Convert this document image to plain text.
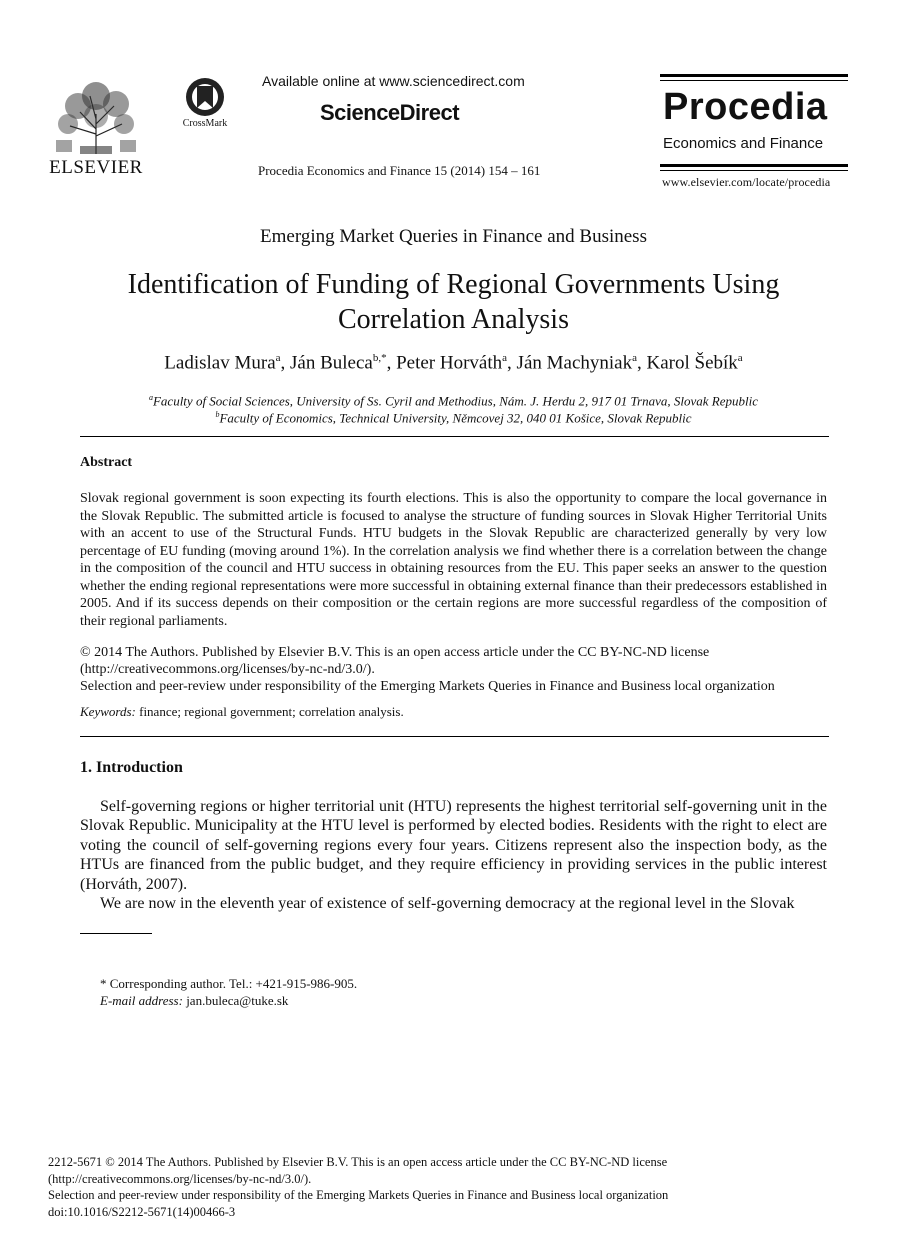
ELSEVIER
CrossMark
Available online at www.sciencedirect.com
ScienceDirect
Procedia Economics and Finance 15 (2014) 154 – 161
Procedia
Economics and Finance
www.elsevier.com/locate/procedia
Emerging Market Queries in Finance and Business
Identification of Funding of Regional Governments Using
Correlation Analysis
Ladislav Mura$^a$, Ján Buleca$^{b,*}$, Peter Horváth$^a$, Ján Machyniak$^a$, Karol Šebík$^a$
$^a$Faculty of Social Sciences, University of Ss. Cyril and Methodius, Nám. J. Herdu 2, 917 01 Trnava, Slovak Republic
$^b$Faculty of Economics, Technical University, Němcovej 32, 040 01 Košice, Slovak Republic
Abstract
Slovak regional government is soon expecting its fourth elections. This is also the opportunity to compare the local governance in the Slovak Republic. The submitted article is focused to analyse the structure of funding sources in Slovak Higher Territorial Units with an accent to use of the Structural Funds. HTU budgets in the Slovak Republic are characterized generally by very low percentage of EU funding (moving around 1%). In the correlation analysis we find whether there is a correlation between the change in the composition of the council and HTU success in obtaining resources from the EU. This paper seeks an answer to the question whether the ending regional representations were more successful in obtaining external finance than their predecessors established in 2005. And if its success depends on their composition or the certain regions are more successful regardless of the composition of their regional parliaments.
© 2014 The Authors. Published by Elsevier B.V. This is an open access article under the CC BY-NC-ND license
(http://creativecommons.org/licenses/by-nc-nd/3.0/).
Selection and peer-review under responsibility of the Emerging Markets Queries in Finance and Business local organization
Keywords: finance; regional government; correlation analysis.
1. Introduction

Self-governing regions or higher territorial unit (HTU) represents the highest territorial self-governing unit in the Slovak Republic. Municipality at the HTU level is performed by elected bodies. Residents with the right to elect are voting the council of self-governing regions every four years. Citizens represent also the inspection body, as the HTUs are financed from the public budget, and they require efficiency in providing services in the public interest (Horváth, 2007).

We are now in the eleventh year of existence of self-governing democracy at the regional level in the Slovak

* Corresponding author. Tel.: +421-915-986-905.
E-mail address: jan.buleca@tuke.sk
2212-5671 © 2014 The Authors. Published by Elsevier B.V. This is an open access article under the CC BY-NC-ND license
(http://creativecommons.org/licenses/by-nc-nd/3.0/).
Selection and peer-review under responsibility of the Emerging Markets Queries in Finance and Business local organization
doi:10.1016/S2212-5671(14)00466-3
